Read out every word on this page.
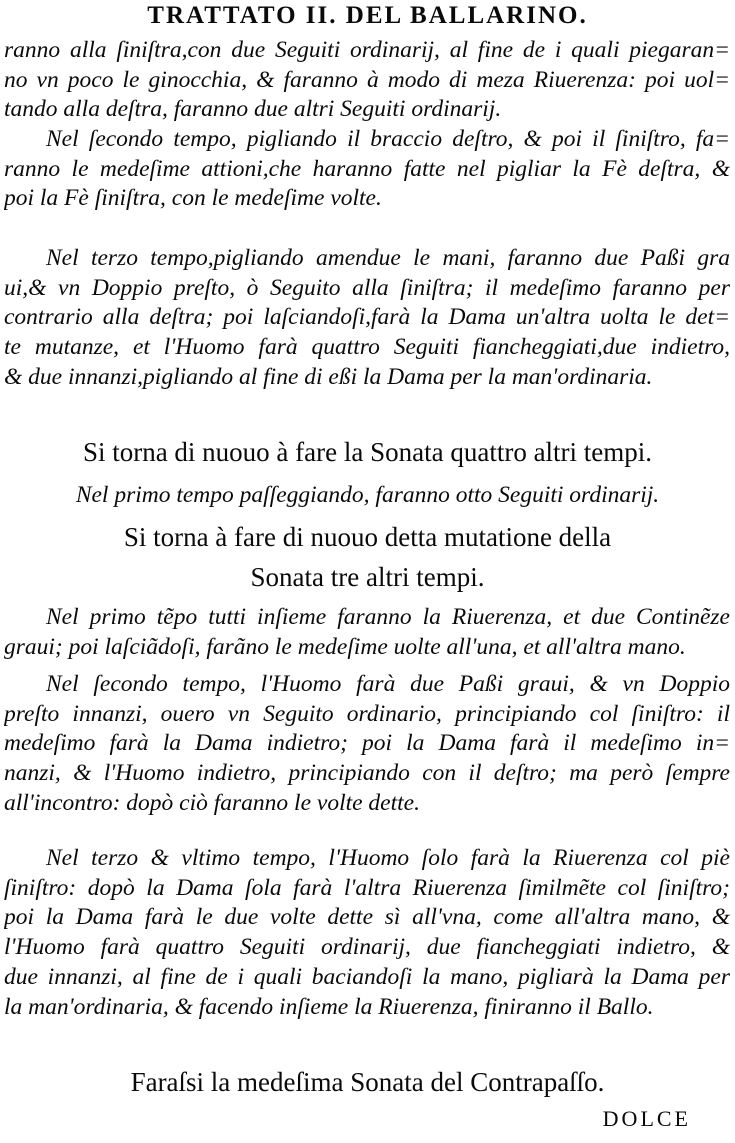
TRATTATO II. DEL BALLARINO.
ranno alla ſiniſtra,con due Seguiti ordinarij, al fine de i quali piegaran=
no vn poco le ginocchia, & faranno à modo di meza Riuerenza: poi uol=
tando alla deſtra, faranno due altri Seguiti ordinarij.
Nel ſecondo tempo, pigliando il braccio deſtro, & poi il ſiniſtro, fa=
ranno le medeſime attioni,che haranno fatte nel pigliar la Fè deſtra, &
poi la Fè ſiniſtra, con le medeſime volte.
Nel terzo tempo,pigliando amendue le mani, faranno due Paßi gra
ui,& vn Doppio preſto, ò Seguito alla ſiniſtra; il medeſimo faranno per
contrario alla deſtra; poi laſciandoſi,farà la Dama un'altra uolta le det=
te mutanze, et l'Huomo farà quattro Seguiti fiancheggiati,due indietro,
& due innanzi,pigliando al fine di eßi la Dama per la man'ordinaria.
Si torna di nuouo à fare la Sonata quattro altri tempi.
Nel primo tempo paſſeggiando, faranno otto Seguiti ordinarij.
Si torna à fare di nuouo detta mutatione della
Sonata tre altri tempi.
Nel primo tẽpo tutti inſieme faranno la Riuerenza, et due Continẽze
graui; poi laſciãdoſi, farãno le medeſime uolte all'una, et all'altra mano.
Nel ſecondo tempo, l'Huomo farà due Paßi graui, & vn Doppio
preſto innanzi, ouero vn Seguito ordinario, principiando col ſiniſtro: il
medeſimo farà la Dama indietro; poi la Dama farà il medeſimo in=
nanzi, & l'Huomo indietro, principiando con il deſtro; ma però ſempre
all'incontro: dopò ciò faranno le volte dette.
Nel terzo & vltimo tempo, l'Huomo ſolo farà la Riuerenza col piè
ſiniſtro: dopò la Dama ſola farà l'altra Riuerenza ſimilmẽte col ſiniſtro;
poi la Dama farà le due volte dette sì all'vna, come all'altra mano, &
l'Huomo farà quattro Seguiti ordinarij, due fiancheggiati indietro, &
due innanzi, al fine de i quali baciandoſi la mano, pigliarà la Dama per
la man'ordinaria, & facendo inſieme la Riuerenza, finiranno il Ballo.
Faraſsi la medeſima Sonata del Contrapaſſo.
DOLCE
